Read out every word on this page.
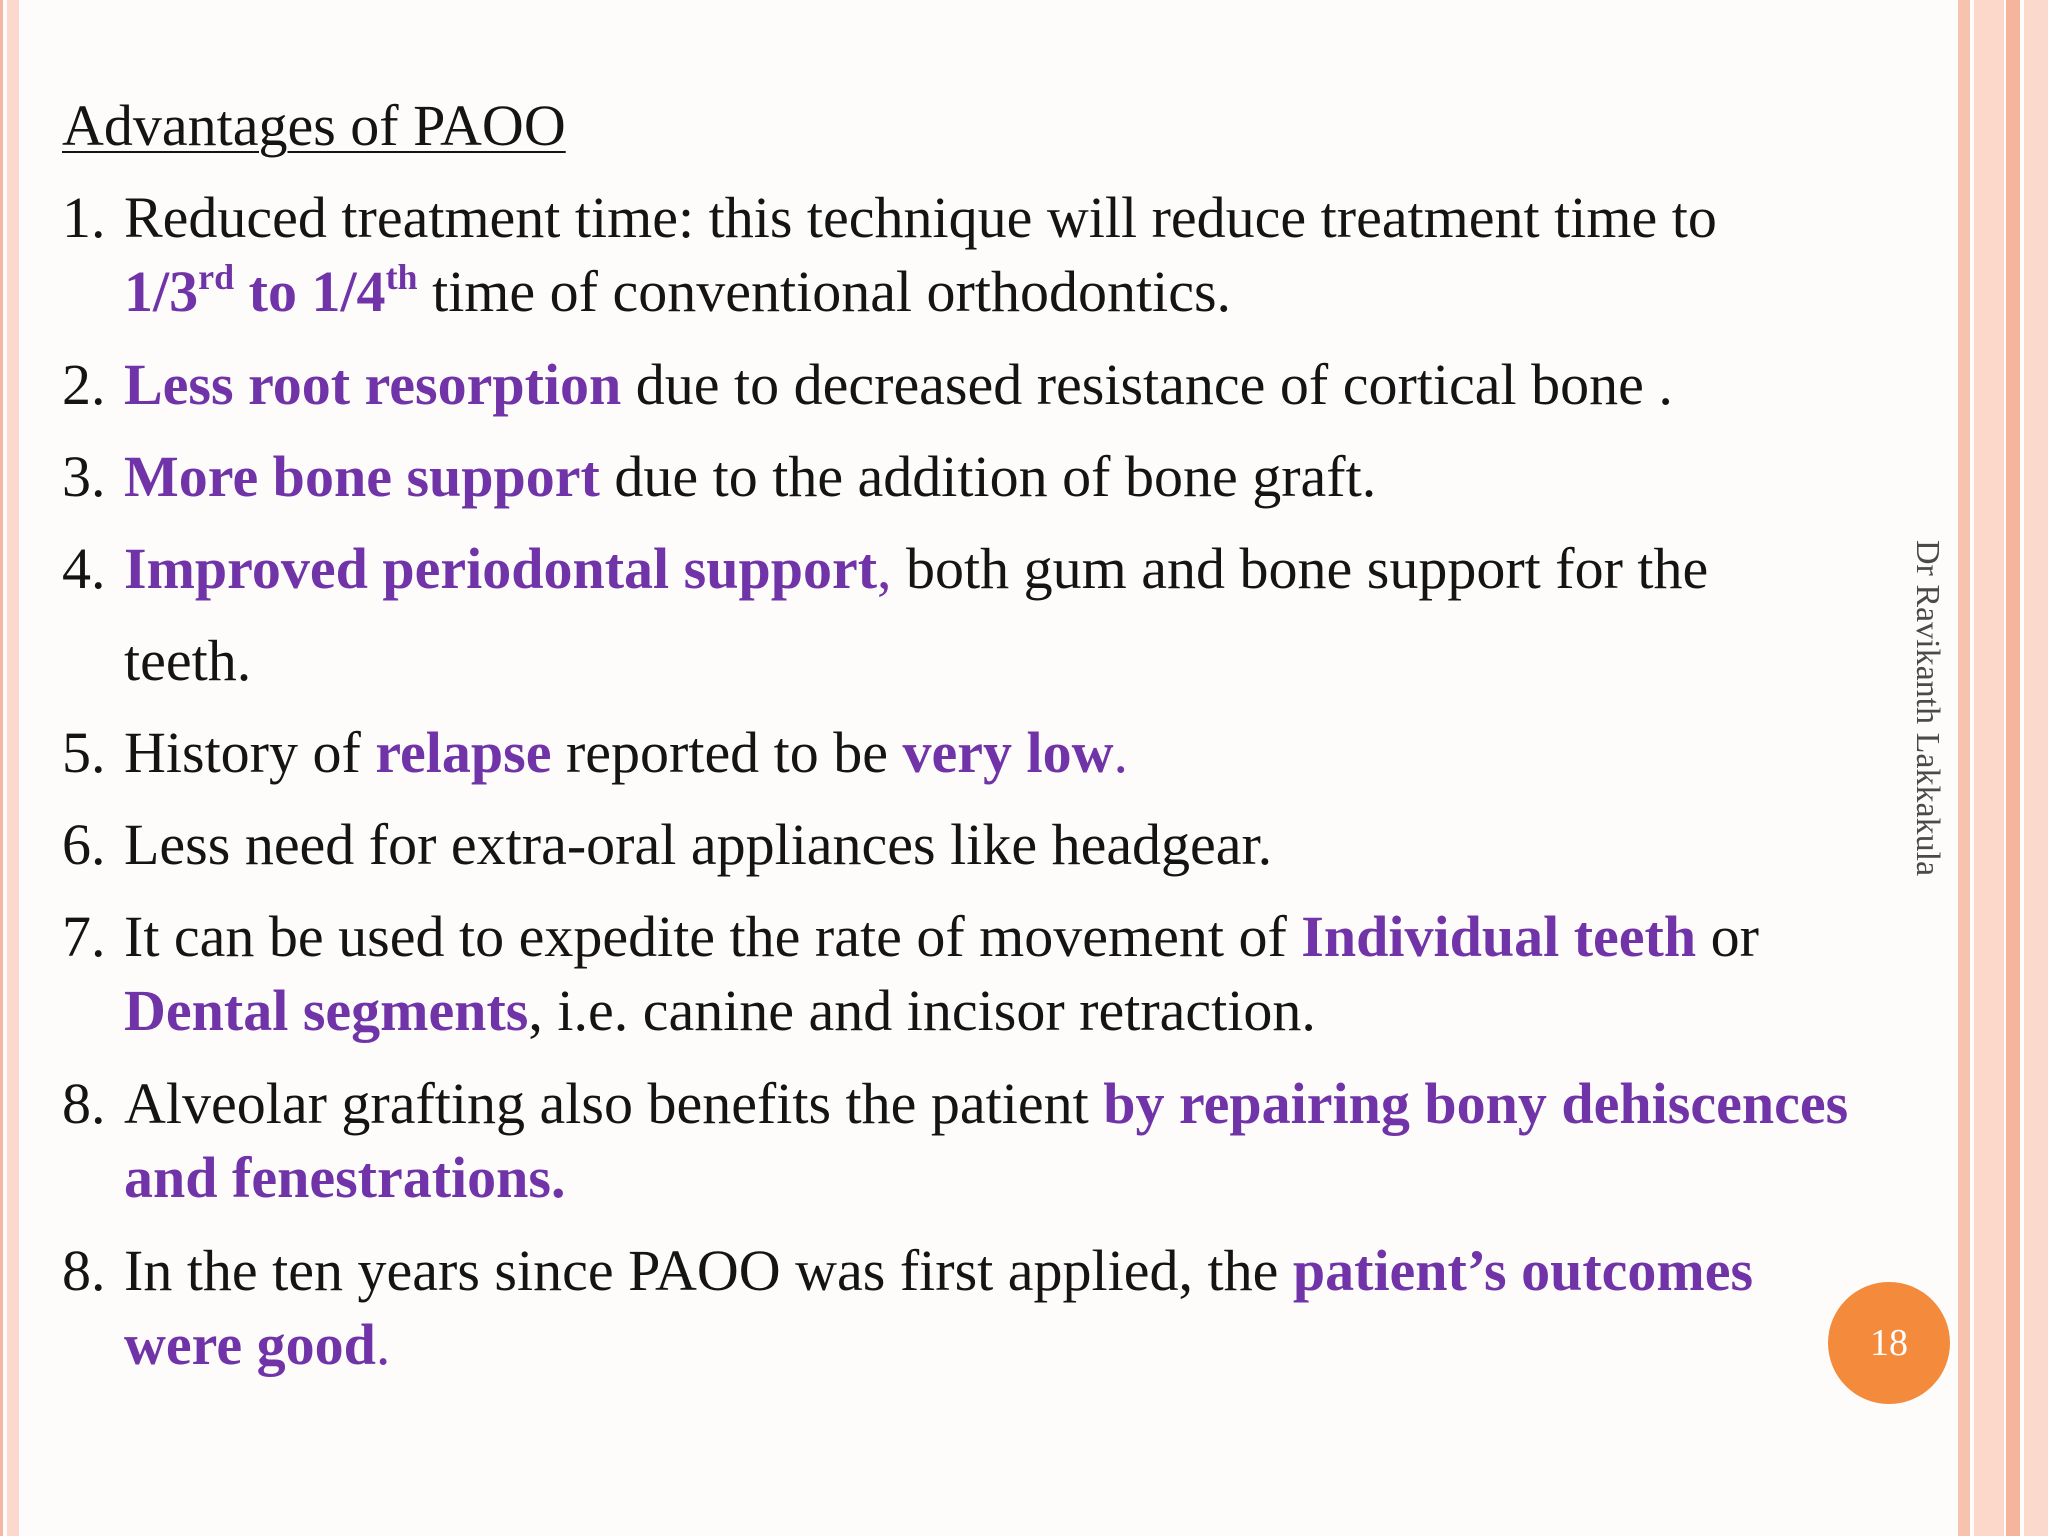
Advantages of PAOO
1. Reduced treatment time: this technique will reduce treatment time to
1/3rd to 1/4th time of conventional orthodontics.
2. Less root resorption due to decreased resistance of cortical bone .
3. More bone support due to the addition of bone graft.
4. Improved periodontal support, both gum and bone support for the
teeth.
5. History of relapse reported to be very low.
6. Less need for extra-oral appliances like headgear.
7. It can be used to expedite the rate of movement of Individual teeth or
Dental segments, i.e. canine and incisor retraction.
8. Alveolar grafting also benefits the patient by repairing bony dehiscences
and fenestrations.
8. In the ten years since PAOO was first applied, the patient’s outcomes
were good.
Dr Ravikanth Lakkakula
18
